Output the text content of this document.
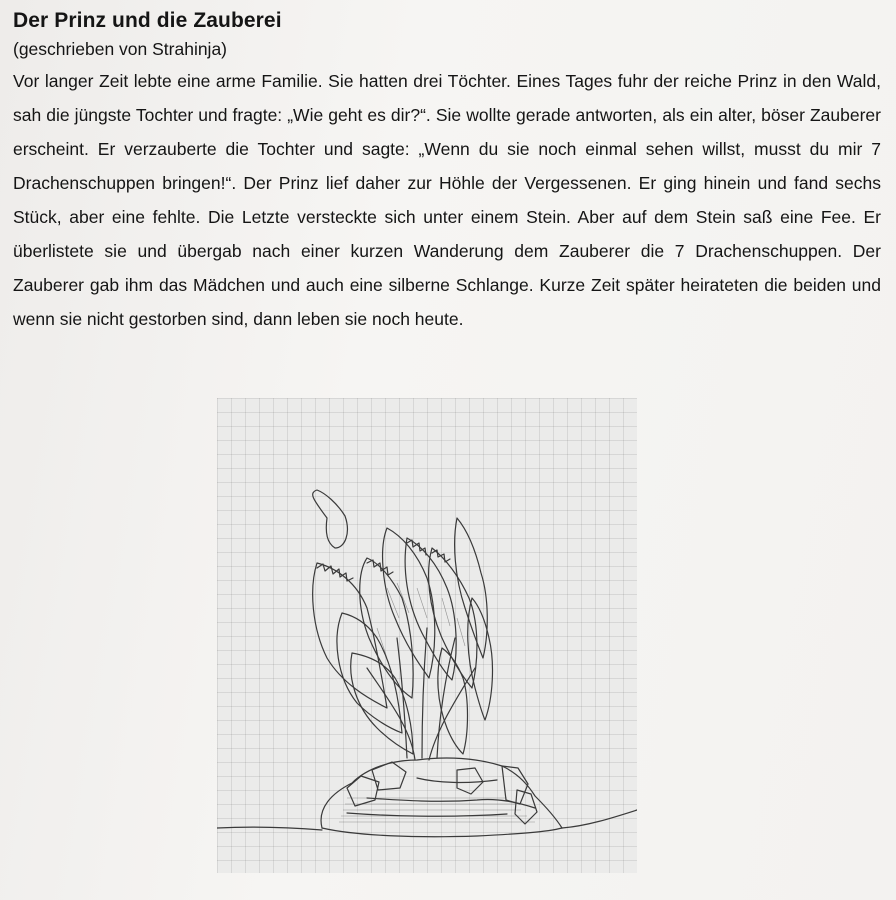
Der Prinz und die Zauberei
(geschrieben von Strahinja)

Vor langer Zeit lebte eine arme Familie. Sie hatten drei Töchter. Eines Tages fuhr der reiche Prinz in den Wald, sah die jüngste Tochter und fragte: „Wie geht es dir?“. Sie wollte gerade antworten, als ein alter, böser Zauberer erscheint. Er verzauberte die Tochter und sagte: „Wenn du sie noch einmal sehen willst, musst du mir 7 Drachenschuppen bringen!“. Der Prinz lief daher zur Höhle der Vergessenen. Er ging hinein und fand sechs Stück, aber eine fehlte. Die Letzte versteckte sich unter einem Stein. Aber auf dem Stein saß eine Fee. Er überlistete sie und übergab nach einer kurzen Wanderung dem Zauberer die 7 Drachenschuppen. Der Zauberer gab ihm das Mädchen und auch eine silberne Schlange. Kurze Zeit später heirateten die beiden und wenn sie nicht gestorben sind, dann leben sie noch heute.
